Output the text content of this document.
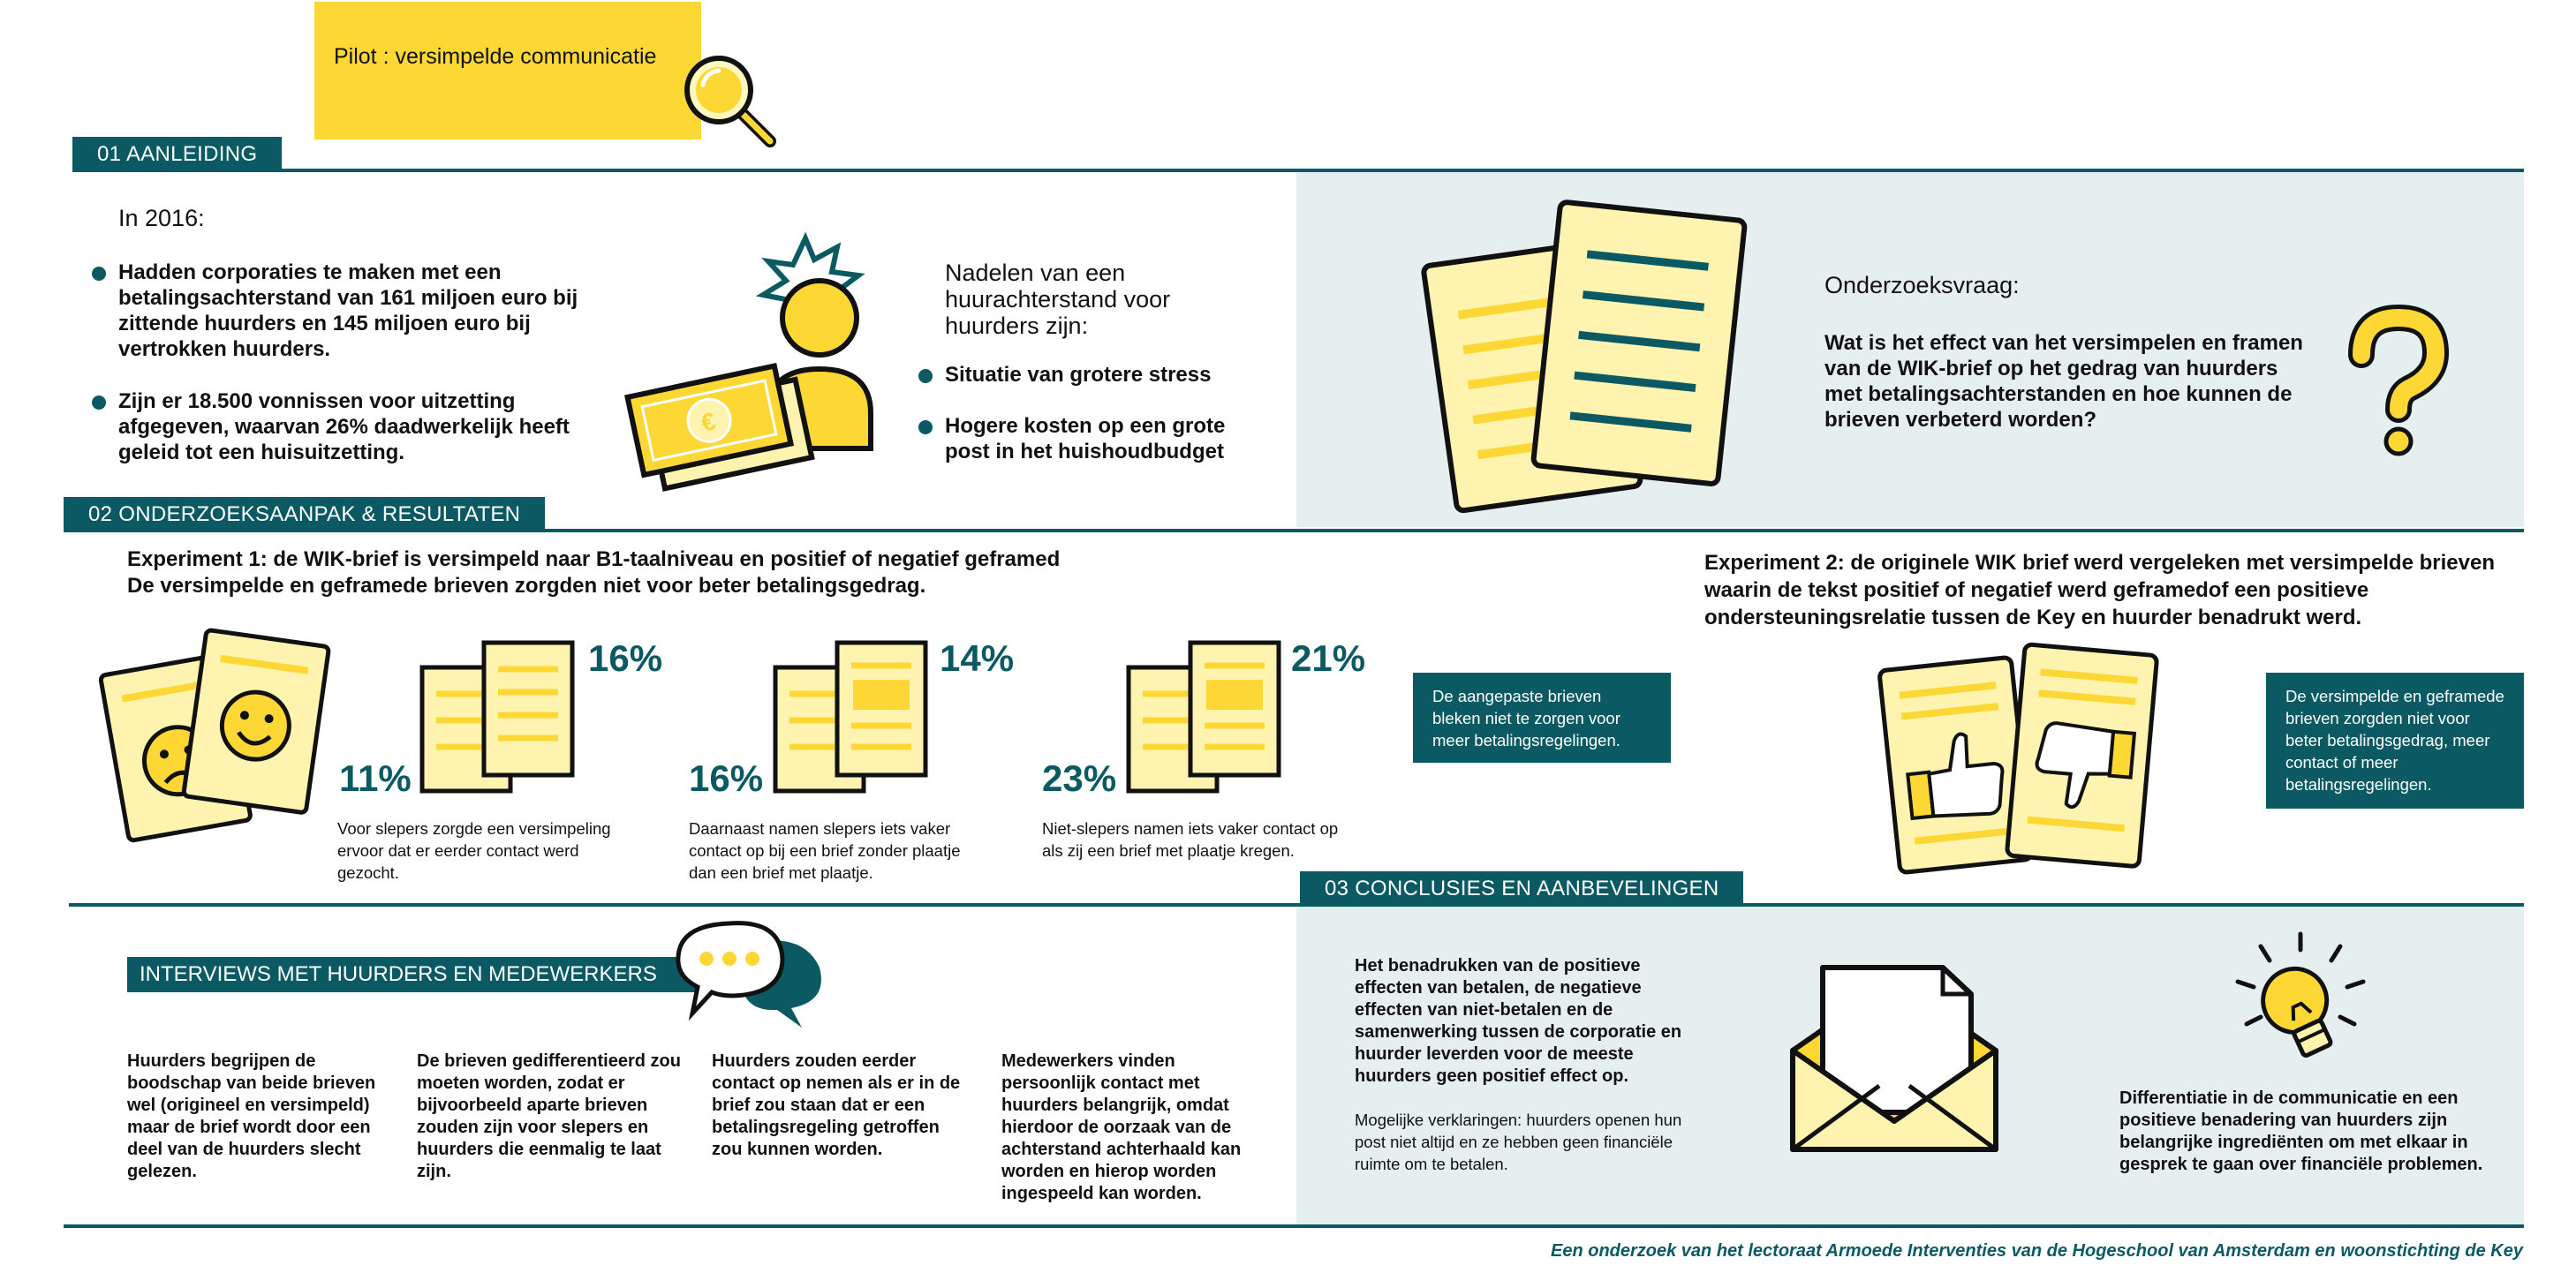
Pilot : versimpelde communicatie
01 AANLEIDING
In 2016:
Hadden corporaties te maken met een betalingsachterstand van 161 miljoen euro bij zittende huurders en 145 miljoen euro bij vertrokken huurders.
Zijn er 18.500 vonnissen voor uitzetting afgegeven, waarvan 26% daadwerkelijk heeft geleid tot een huisuitzetting.
€
Nadelen van een huurachterstand voor huurders zijn:
Situatie van grotere stress
Hogere kosten op een grote post in het huishoudbudget
Onderzoeksvraag:
Wat is het effect van het versimpelen en framen van de WIK-brief op het gedrag van huurders met betalingsachterstanden en hoe kunnen de brieven verbeterd worden?
02 ONDERZOEKSAANPAK & RESULTATEN
Experiment 1: de WIK-brief is versimpeld naar B1-taalniveau en positief of negatief geframed
De versimpelde en geframede brieven zorgden niet voor beter betalingsgedrag.
16%
11%
Voor slepers zorgde een versimpeling ervoor dat er eerder contact werd gezocht.
14%
16%
Daarnaast namen slepers iets vaker contact op bij een brief zonder plaatje dan een brief met plaatje.
21%
23%
Niet-slepers namen iets vaker contact op als zij een brief met plaatje kregen.
De aangepaste brieven bleken niet te zorgen voor meer betalingsregelingen.
Experiment 2: de originele WIK brief werd vergeleken met versimpelde brieven waarin de tekst positief of negatief werd geframedof een positieve ondersteuningsrelatie tussen de Key en huurder benadrukt werd.
De versimpelde en geframede brieven zorgden niet voor beter betalingsgedrag, meer contact of meer betalingsregelingen.
03 CONCLUSIES EN AANBEVELINGEN
INTERVIEWS MET HUURDERS EN MEDEWERKERS
Huurders begrijpen de boodschap van beide brieven wel (origineel en versimpeld) maar de brief wordt door een deel van de huurders slecht gelezen.
De brieven gedifferentieerd zou moeten worden, zodat er bijvoorbeeld aparte brieven zouden zijn voor slepers en huurders die eenmalig te laat zijn.
Huurders zouden eerder contact op nemen als er in de brief zou staan dat er een betalingsregeling getroffen zou kunnen worden.
Medewerkers vinden persoonlijk contact met huurders belangrijk, omdat hierdoor de oorzaak van de achterstand achterhaald kan worden en hierop worden ingespeeld kan worden.
Het benadrukken van de positieve effecten van betalen, de negatieve effecten van niet-betalen en de samenwerking tussen de corporatie en huurder leverden voor de meeste huurders geen positief effect op.
Mogelijke verklaringen: huurders openen hun post niet altijd en ze hebben geen financiële ruimte om te betalen.
Differentiatie in de communicatie en een positieve benadering van huurders zijn belangrijke ingrediënten om met elkaar in gesprek te gaan over financiële problemen.
Een onderzoek van het lectoraat Armoede Interventies van de Hogeschool van Amsterdam en woonstichting de Key
